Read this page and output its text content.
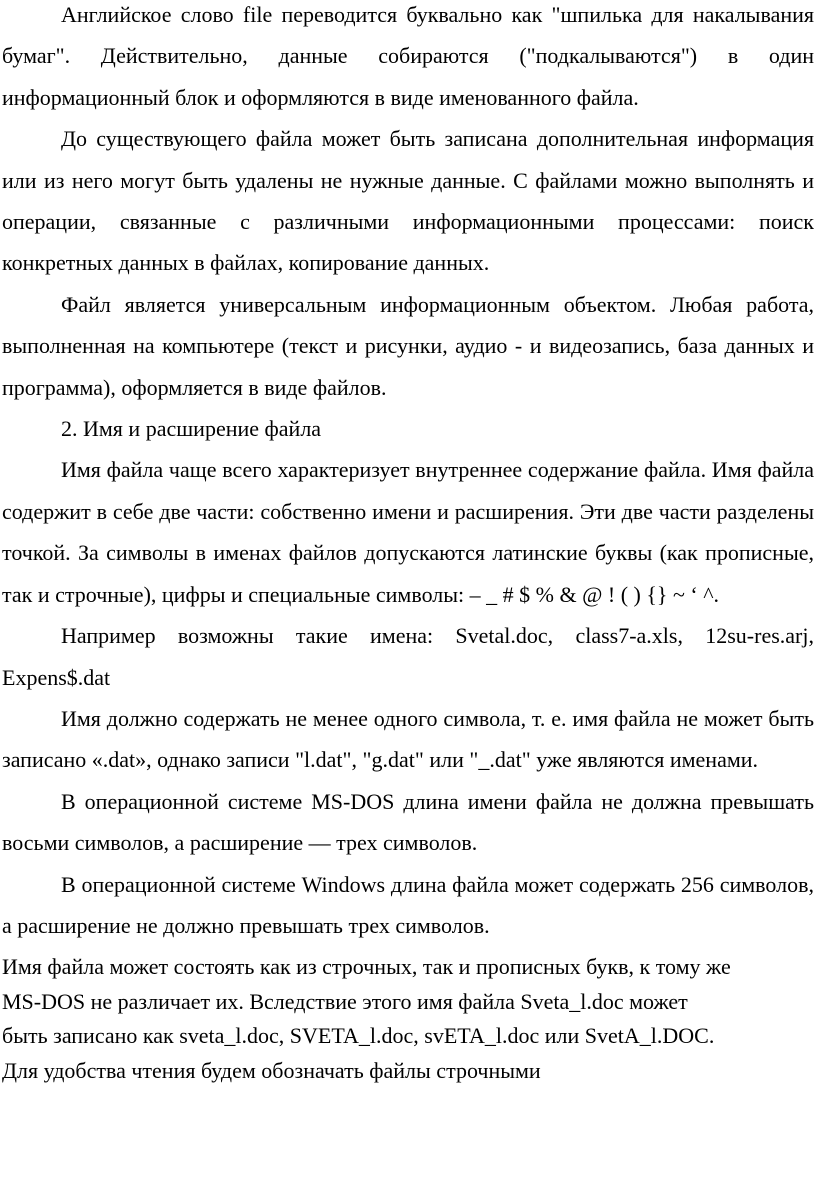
Английское слово file переводится буквально как "шпилька для накалывания бумаг". Действительно, данные собираются ("подкалываются") в один информационный блок и оформляются в виде именованного файла.

До существующего файла может быть записана дополнительная информация или из него могут быть удалены не нужные данные. С файлами можно выполнять и операции, связанные с различными информационными процессами: поиск конкретных данных в файлах, копирование данных.

Файл является универсальным информационным объектом. Любая работа, выполненная на компьютере (текст и рисунки, аудио - и видеозапись, база данных и программа), оформляется в виде файлов.

2. Имя и расширение файла

Имя файла чаще всего характеризует внутреннее содержание файла. Имя файла содержит в себе две части: собственно имени и расширения. Эти две части разделены точкой. За символы в именах файлов допускаются латинские буквы (как прописные, так и строчные), цифры и специальные символы: – _ # $ % & @ ! ( ) {} ~ ‘ ^.

Например возможны такие имена: Svetal.doc, class7-a.xls, 12su-res.arj, Expens$.dat

Имя должно содержать не менее одного символа, т. е. имя файла не может быть записано «.dat», однако записи "l.dat", "g.dat" или "_.dat" уже являются именами.

В операционной системе MS-DOS длина имени файла не должна превышать восьми символов, а расширение — трех символов.

В операционной системе Windows длина файла может содержать 256 символов, а расширение не должно превышать трех символов.

Имя файла может состоять как из строчных, так и прописных букв, к тому же

MS-DOS не различает их. Вследствие этого имя файла Sveta_l.doc может

быть записано как sveta_l.doc, SVETA_l.doc, svETA_l.doc или SvetA_l.DOC.

Для удобства чтения будем обозначать файлы строчными
